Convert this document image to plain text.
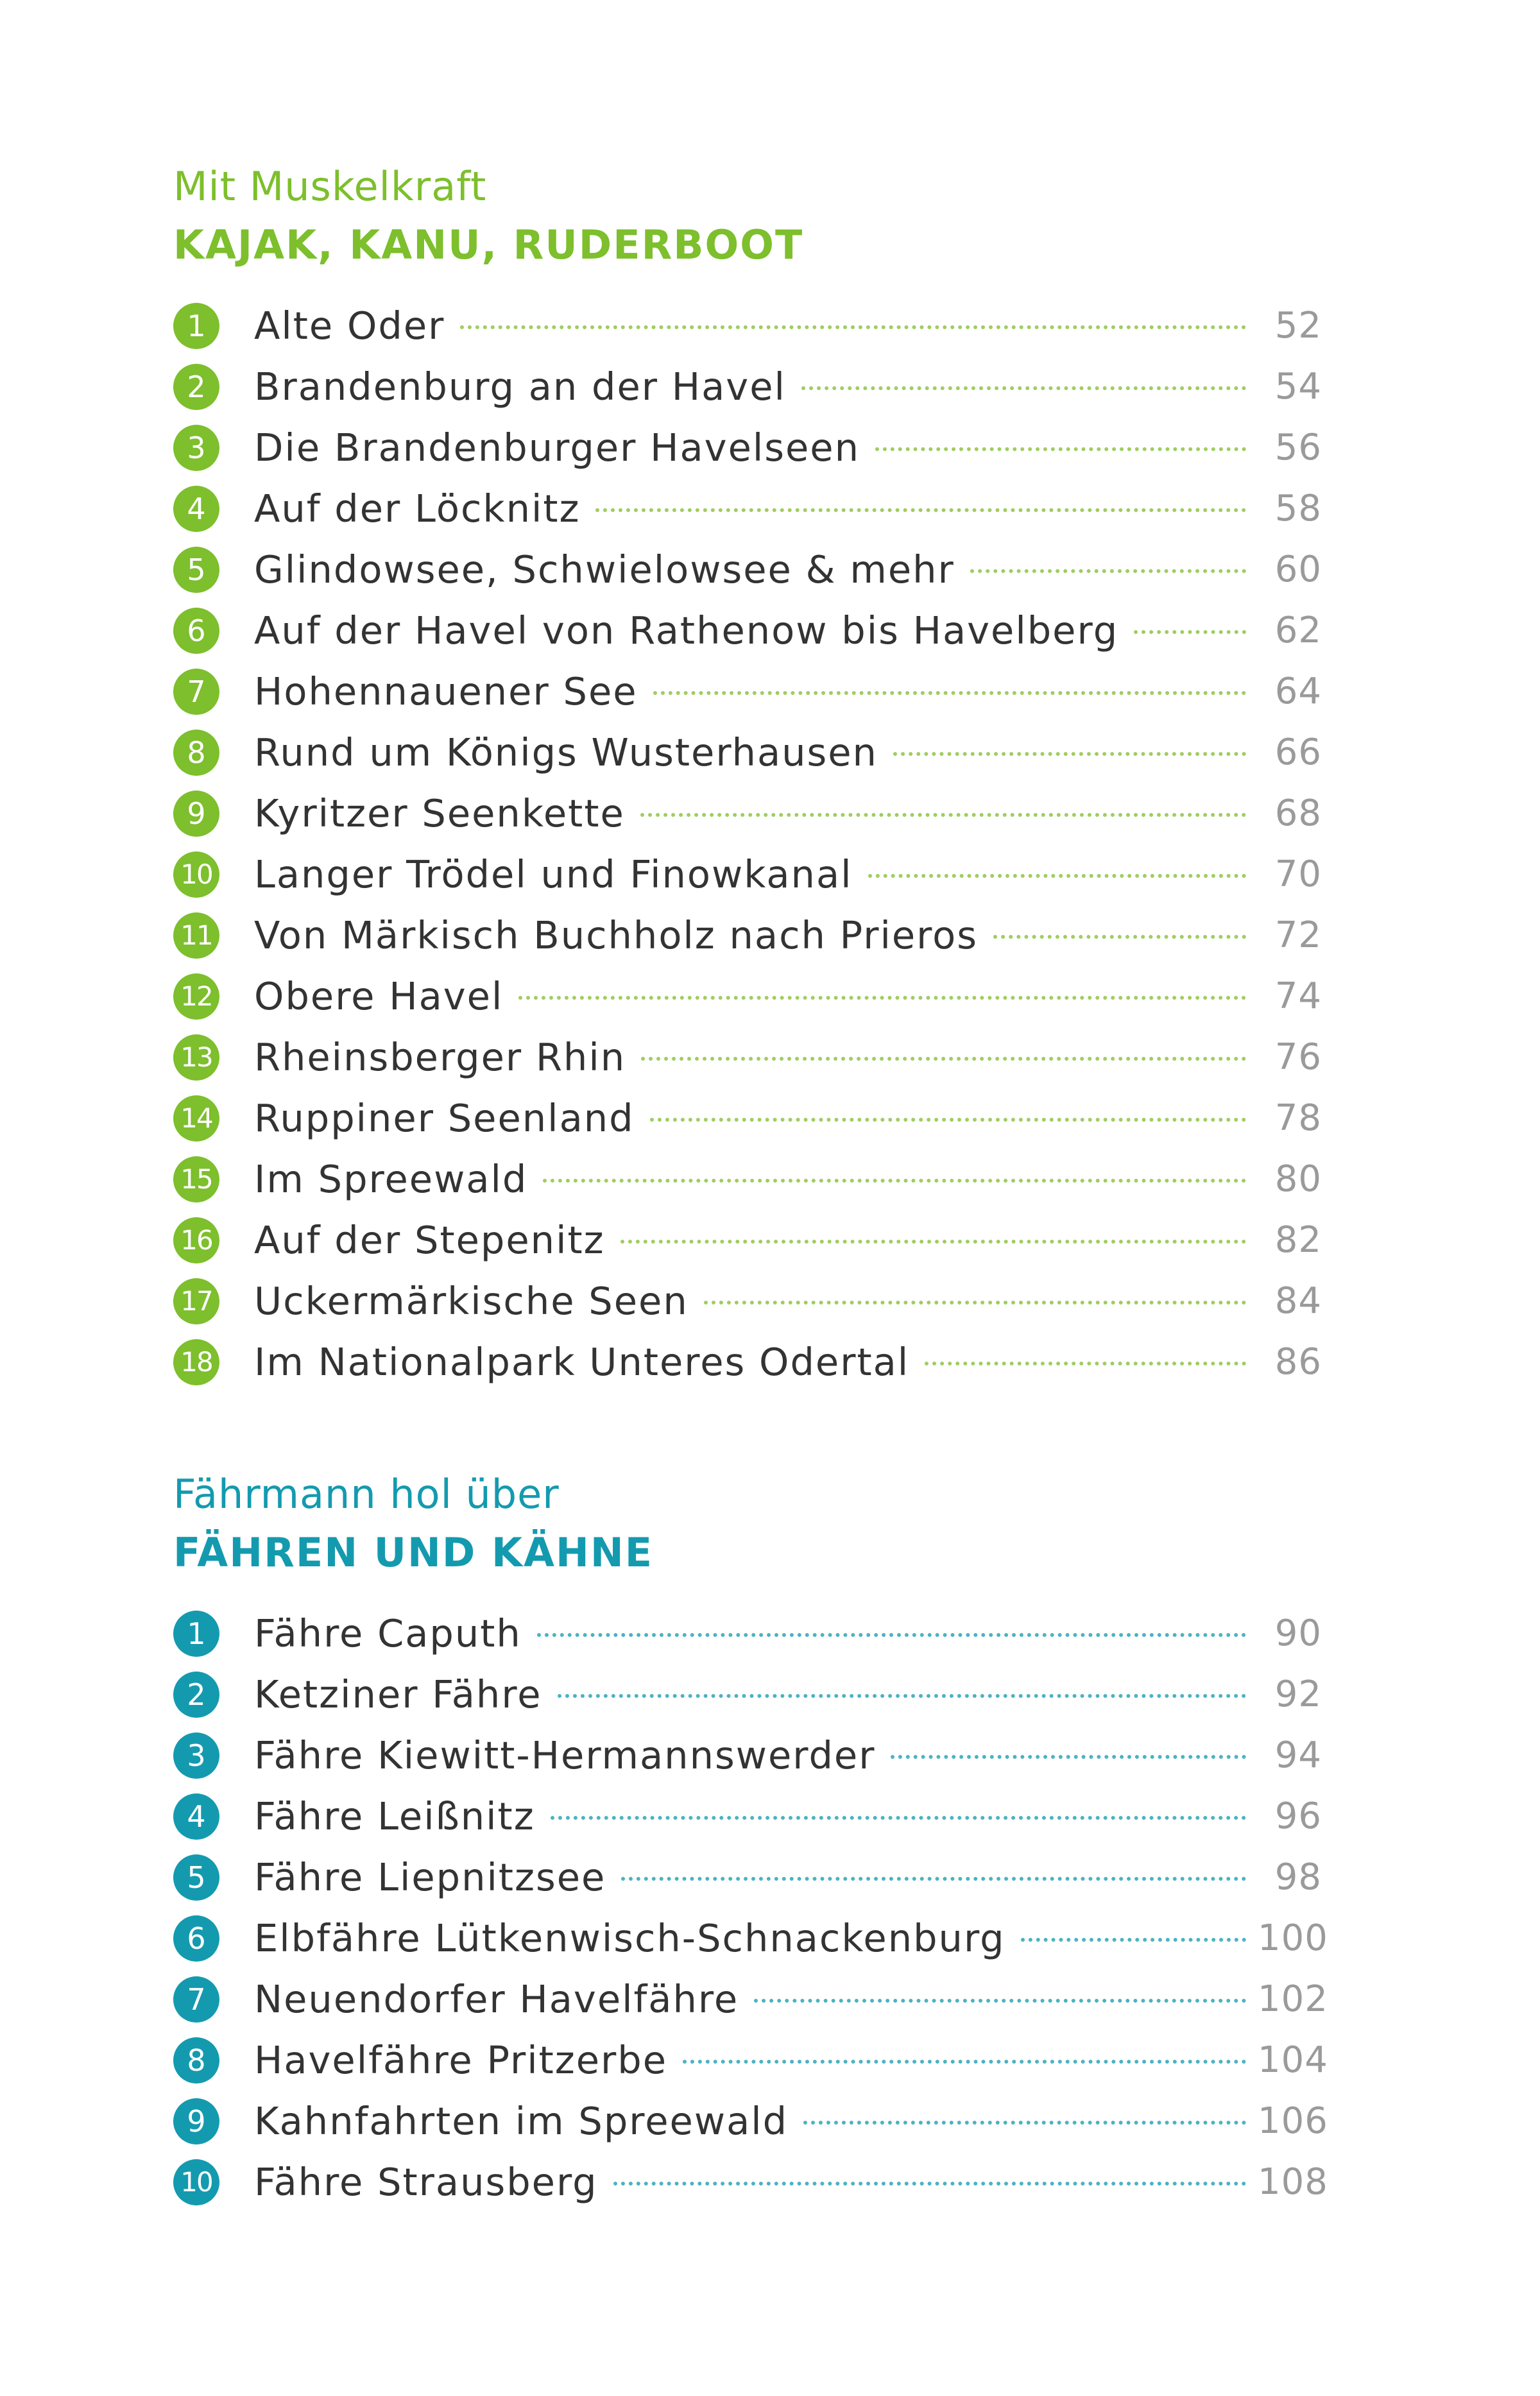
Mit Muskelkraft
KAJAK, KANU, RUDERBOOT
1	Alte Oder	52
2	Brandenburg an der Havel	54
3	Die Brandenburger Havelseen	56
4	Auf der Löcknitz	58
5	Glindowsee, Schwielowsee & mehr	60
6	Auf der Havel von Rathenow bis Havelberg	62
7	Hohennauener See	64
8	Rund um Königs Wusterhausen	66
9	Kyritzer Seenkette	68
10 Langer Trödel und Finowkanal	70
11 Von Märkisch Buchholz nach Prieros	72
12 Obere Havel	74
13 Rheinsberger Rhin	76
14 Ruppiner Seenland	78
15 Im Spreewald	80
16 Auf der Stepenitz	82
17 Uckermärkische Seen	84
18 Im Nationalpark Unteres Odertal	86
Fährmann hol über
FÄHREN UND KÄHNE
1	Fähre Caputh	90
2	Ketziner Fähre	92
3	Fähre Kiewitt-Hermannswerder	94
4	Fähre Leißnitz	96
5	Fähre Liepnitzsee	98
6	Elbfähre Lütkenwisch-Schnackenburg	100
7	Neuendorfer Havelfähre	102
8	Havelfähre Pritzerbe	104
9	Kahnfahrten im Spreewald	106
10 Fähre Strausberg	108
